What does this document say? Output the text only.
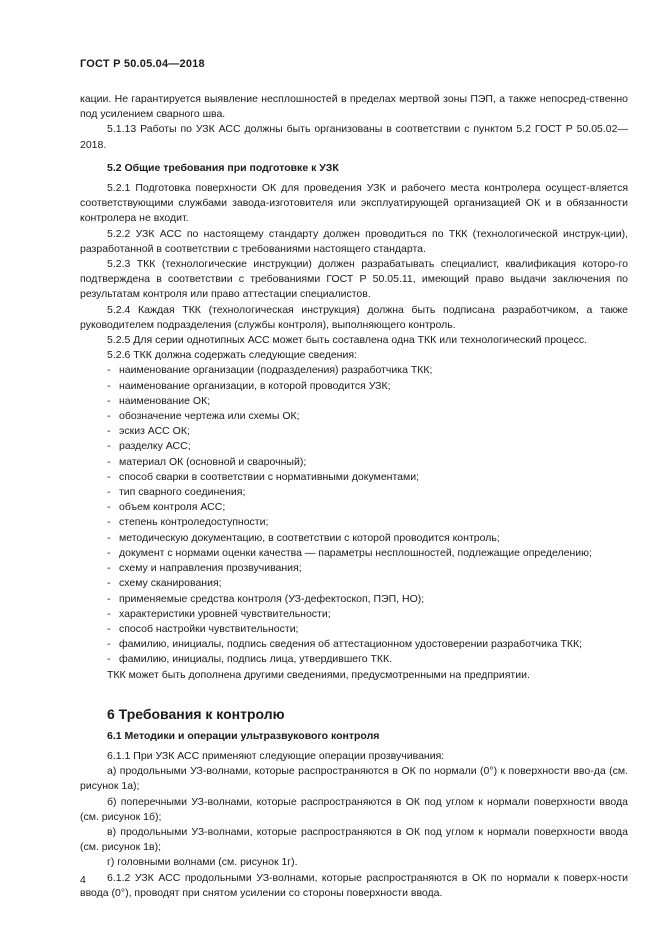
ГОСТ Р 50.05.04—2018

кации. Не гарантируется выявление несплошностей в пределах мертвой зоны ПЭП, а также непосред-ственно под усилением сварного шва.

5.1.13 Работы по УЗК АСС должны быть организованы в соответствии с пунктом 5.2 ГОСТ Р 50.05.02—2018.

5.2 Общие требования при подготовке к УЗК

5.2.1 Подготовка поверхности ОК для проведения УЗК и рабочего места контролера осущест-вляется соответствующими службами завода-изготовителя или эксплуатирующей организацией ОК и в обязанности контролера не входит.

5.2.2 УЗК АСС по настоящему стандарту должен проводиться по ТКК (технологической инструк-ции), разработанной в соответствии с требованиями настоящего стандарта.

5.2.3 ТКК (технологические инструкции) должен разрабатывать специалист, квалификация которо-го подтверждена в соответствии с требованиями ГОСТ Р 50.05.11, имеющий право выдачи заключения по результатам контроля или право аттестации специалистов.

5.2.4 Каждая ТКК (технологическая инструкция) должна быть подписана разработчиком, а также руководителем подразделения (службы контроля), выполняющего контроль.

5.2.5 Для серии однотипных АСС может быть составлена одна ТКК или технологический процесс.

5.2.6 ТКК должна содержать следующие сведения:

- наименование организации (подразделения) разработчика ТКК;
- наименование организации, в которой проводится УЗК;
- наименование ОК;
- обозначение чертежа или схемы ОК;
- эскиз АСС ОК;
- разделку АСС;
- материал ОК (основной и сварочный);
- способ сварки в соответствии с нормативными документами;
- тип сварного соединения;
- объем контроля АСС;
- степень контроледоступности;
- методическую документацию, в соответствии с которой проводится контроль;
- документ с нормами оценки качества — параметры несплошностей, подлежащие определению;
- схему и направления прозвучивания;
- схему сканирования;
- применяемые средства контроля (УЗ-дефектоскоп, ПЭП, НО);
- характеристики уровней чувствительности;
- способ настройки чувствительности;
- фамилию, инициалы, подпись сведения об аттестационном удостоверении разработчика ТКК;
- фамилию, инициалы, подпись лица, утвердившего ТКК.

ТКК может быть дополнена другими сведениями, предусмотренными на предприятии.

6 Требования к контролю

6.1 Методики и операции ультразвукового контроля

6.1.1 При УЗК АСС применяют следующие операции прозвучивания:

а) продольными УЗ-волнами, которые распространяются в ОК по нормали (0°) к поверхности вво-да (см. рисунок 1а);

б) поперечными УЗ-волнами, которые распространяются в ОК под углом к нормали поверхности ввода (см. рисунок 1б);

в) продольными УЗ-волнами, которые распространяются в ОК под углом к нормали поверхности ввода (см. рисунок 1в);

г) головными волнами (см. рисунок 1г).

6.1.2 УЗК АСС продольными УЗ-волнами, которые распространяются в ОК по нормали к поверх-ности ввода (0°), проводят при снятом усилении со стороны поверхности ввода.

4
